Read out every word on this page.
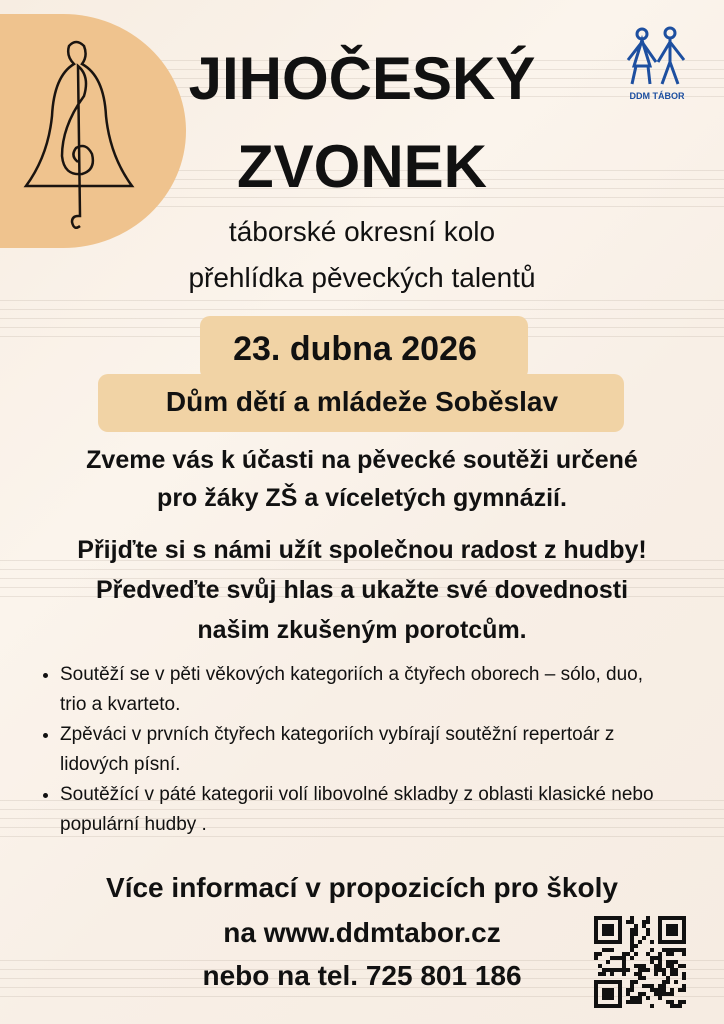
JIHOČESKÝ
ZVONEK
DDM TÁBOR
táborské okresní kolo
přehlídka pěveckých talentů
23. dubna 2026
Dům dětí a mládeže Soběslav
Zveme vás k účasti na pěvecké soutěži určené
pro žáky ZŠ a víceletých gymnázií.
Přijďte si s námi užít společnou radost z hudby!
Předveďte svůj hlas a ukažte své dovednosti
našim zkušeným porotcům.
• Soutěží se v pěti věkových kategoriích a čtyřech oborech – sólo, duo, trio a kvarteto.
• Zpěváci v prvních čtyřech kategoriích vybírají soutěžní repertoár z lidových písní.
• Soutěžící v páté kategorii volí libovolné skladby z oblasti klasické nebo populární hudby .
Více informací v propozicích pro školy
na www.ddmtabor.cz
nebo na tel. 725 801 186
